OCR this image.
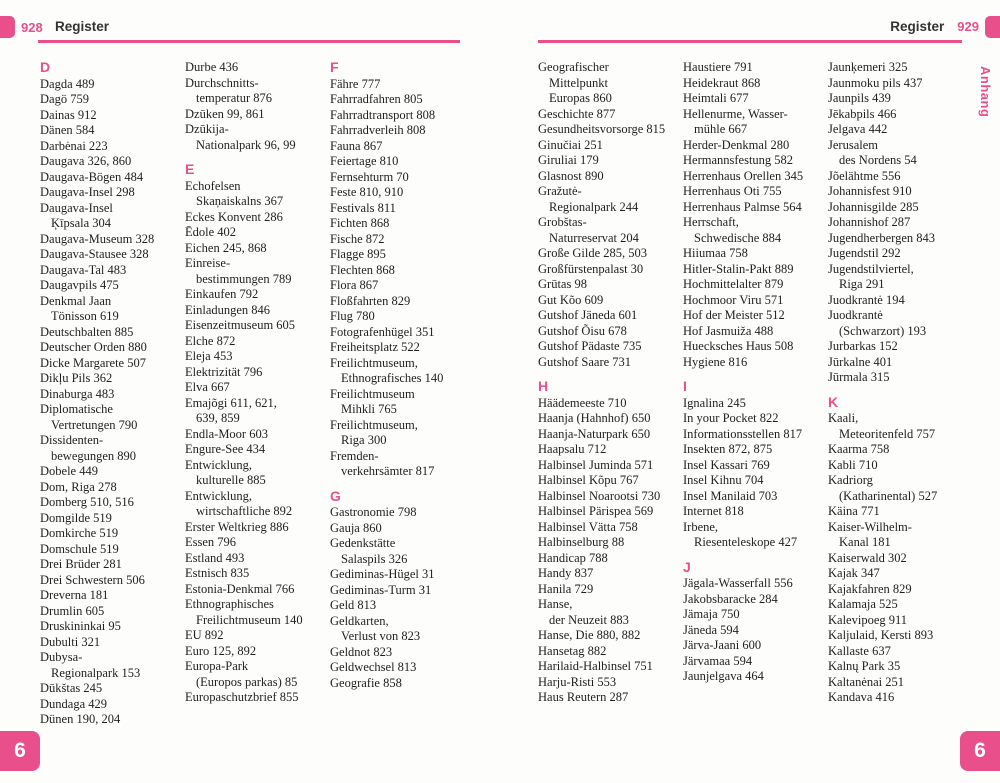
928 Register	Register 929
Anhang
D
Dagda 489
Dagö 759
Dainas 912
Dänen 584
Darbėnai 223
Daugava 326, 860
Daugava-Bögen 484
Daugava-Insel 298
Daugava-Insel
Ķīpsala 304
Daugava-Museum 328
Daugava-Stausee 328
Daugava-Tal 483
Daugavpils 475
Denkmal Jaan
Tönisson 619
Deutschbalten 885
Deutscher Orden 880
Dicke Margarete 507
Dikļu Pils 362
Dinaburga 483
Diplomatische
Vertretungen 790
Dissidenten-
bewegungen 890
Dobele 449
Dom, Riga 278
Domberg 510, 516
Domgilde 519
Domkirche 519
Domschule 519
Drei Brüder 281
Drei Schwestern 506
Dreverna 181
Drumlin 605
Druskininkai 95
Dubulti 321
Dubysa-
Regionalpark 153
Dūkštas 245
Dundaga 429
Dünen 190, 204
Durbe 436
Durchschnitts-
temperatur 876
Dzūken 99, 861
Dzūkija-
Nationalpark 96, 99
E
Echofelsen
Skaņaiskalns 367
Eckes Konvent 286
Ēdole 402
Eichen 245, 868
Einreise-
bestimmungen 789
Einkaufen 792
Einladungen 846
Eisenzeitmuseum 605
Elche 872
Eleja 453
Elektrizität 796
Elva 667
Emajõgi 611, 621,
639, 859
Endla-Moor 603
Engure-See 434
Entwicklung,
kulturelle 885
Entwicklung,
wirtschaftliche 892
Erster Weltkrieg 886
Essen 796
Estland 493
Estnisch 835
Estonia-Denkmal 766
Ethnographisches
Freilichtmuseum 140
EU 892
Euro 125, 892
Europa-Park
(Europos parkas) 85
Europaschutzbrief 855
F
Fähre 777
Fahrradfahren 805
Fahrradtransport 808
Fahrradverleih 808
Fauna 867
Feiertage 810
Fernsehturm 70
Feste 810, 910
Festivals 811
Fichten 868
Fische 872
Flagge 895
Flechten 868
Flora 867
Floßfahrten 829
Flug 780
Fotografenhügel 351
Freiheitsplatz 522
Freilichtmuseum,
Ethnografisches 140
Freilichtmuseum
Mihkli 765
Freilichtmuseum,
Riga 300
Fremden-
verkehrsämter 817
G
Gastronomie 798
Gauja 860
Gedenkstätte
Salaspils 326
Gediminas-Hügel 31
Gediminas-Turm 31
Geld 813
Geldkarten,
Verlust von 823
Geldnot 823
Geldwechsel 813
Geografie 858
Geografischer
Mittelpunkt
Europas 860
Geschichte 877
Gesundheitsvorsorge 815
Ginučiai 251
Giruliai 179
Glasnost 890
Gražutė-
Regionalpark 244
Grobštas-
Naturreservat 204
Große Gilde 285, 503
Großfürstenpalast 30
Grūtas 98
Gut Kõo 609
Gutshof Jäneda 601
Gutshof Õisu 678
Gutshof Pädaste 735
Gutshof Saare 731
H
Häädemeeste 710
Haanja (Hahnhof) 650
Haanja-Naturpark 650
Haapsalu 712
Halbinsel Juminda 571
Halbinsel Kõpu 767
Halbinsel Noarootsi 730
Halbinsel Pärispea 569
Halbinsel Vätta 758
Halbinselburg 88
Handicap 788
Handy 837
Hanila 729
Hanse,
der Neuzeit 883
Hanse, Die 880, 882
Hansetag 882
Harilaid-Halbinsel 751
Harju-Risti 553
Haus Reutern 287
Haustiere 791
Heidekraut 868
Heimtali 677
Hellenurme, Wasser-
mühle 667
Herder-Denkmal 280
Hermannsfestung 582
Herrenhaus Orellen 345
Herrenhaus Oti 755
Herrenhaus Palmse 564
Herrschaft,
Schwedische 884
Hiiumaa 758
Hitler-Stalin-Pakt 889
Hochmittelalter 879
Hochmoor Viru 571
Hof der Meister 512
Hof Jasmuiža 488
Huecksches Haus 508
Hygiene 816
I
Ignalina 245
In your Pocket 822
Informationsstellen 817
Insekten 872, 875
Insel Kassari 769
Insel Kihnu 704
Insel Manilaid 703
Internet 818
Irbene,
Riesenteleskope 427
J
Jägala-Wasserfall 556
Jakobsbaracke 284
Jämaja 750
Jäneda 594
Järva-Jaani 600
Järvamaa 594
Jaunjelgava 464
Jaunķemeri 325
Jaunmoku pils 437
Jaunpils 439
Jēkabpils 466
Jelgava 442
Jerusalem
des Nordens 54
Jõelähtme 556
Johannisfest 910
Johannisgilde 285
Johannishof 287
Jugendherbergen 843
Jugendstil 292
Jugendstilviertel,
Riga 291
Juodkrantė 194
Juodkrantė
(Schwarzort) 193
Jurbarkas 152
Jūrkalne 401
Jūrmala 315
K
Kaali,
Meteoritenfeld 757
Kaarma 758
Kabli 710
Kadriorg
(Katharinental) 527
Käina 771
Kaiser-Wilhelm-
Kanal 181
Kaiserwald 302
Kajak 347
Kajakfahren 829
Kalamaja 525
Kalevipoeg 911
Kaljulaid, Kersti 893
Kallaste 637
Kalnų Park 35
Kaltanėnai 251
Kandava 416
6	6
